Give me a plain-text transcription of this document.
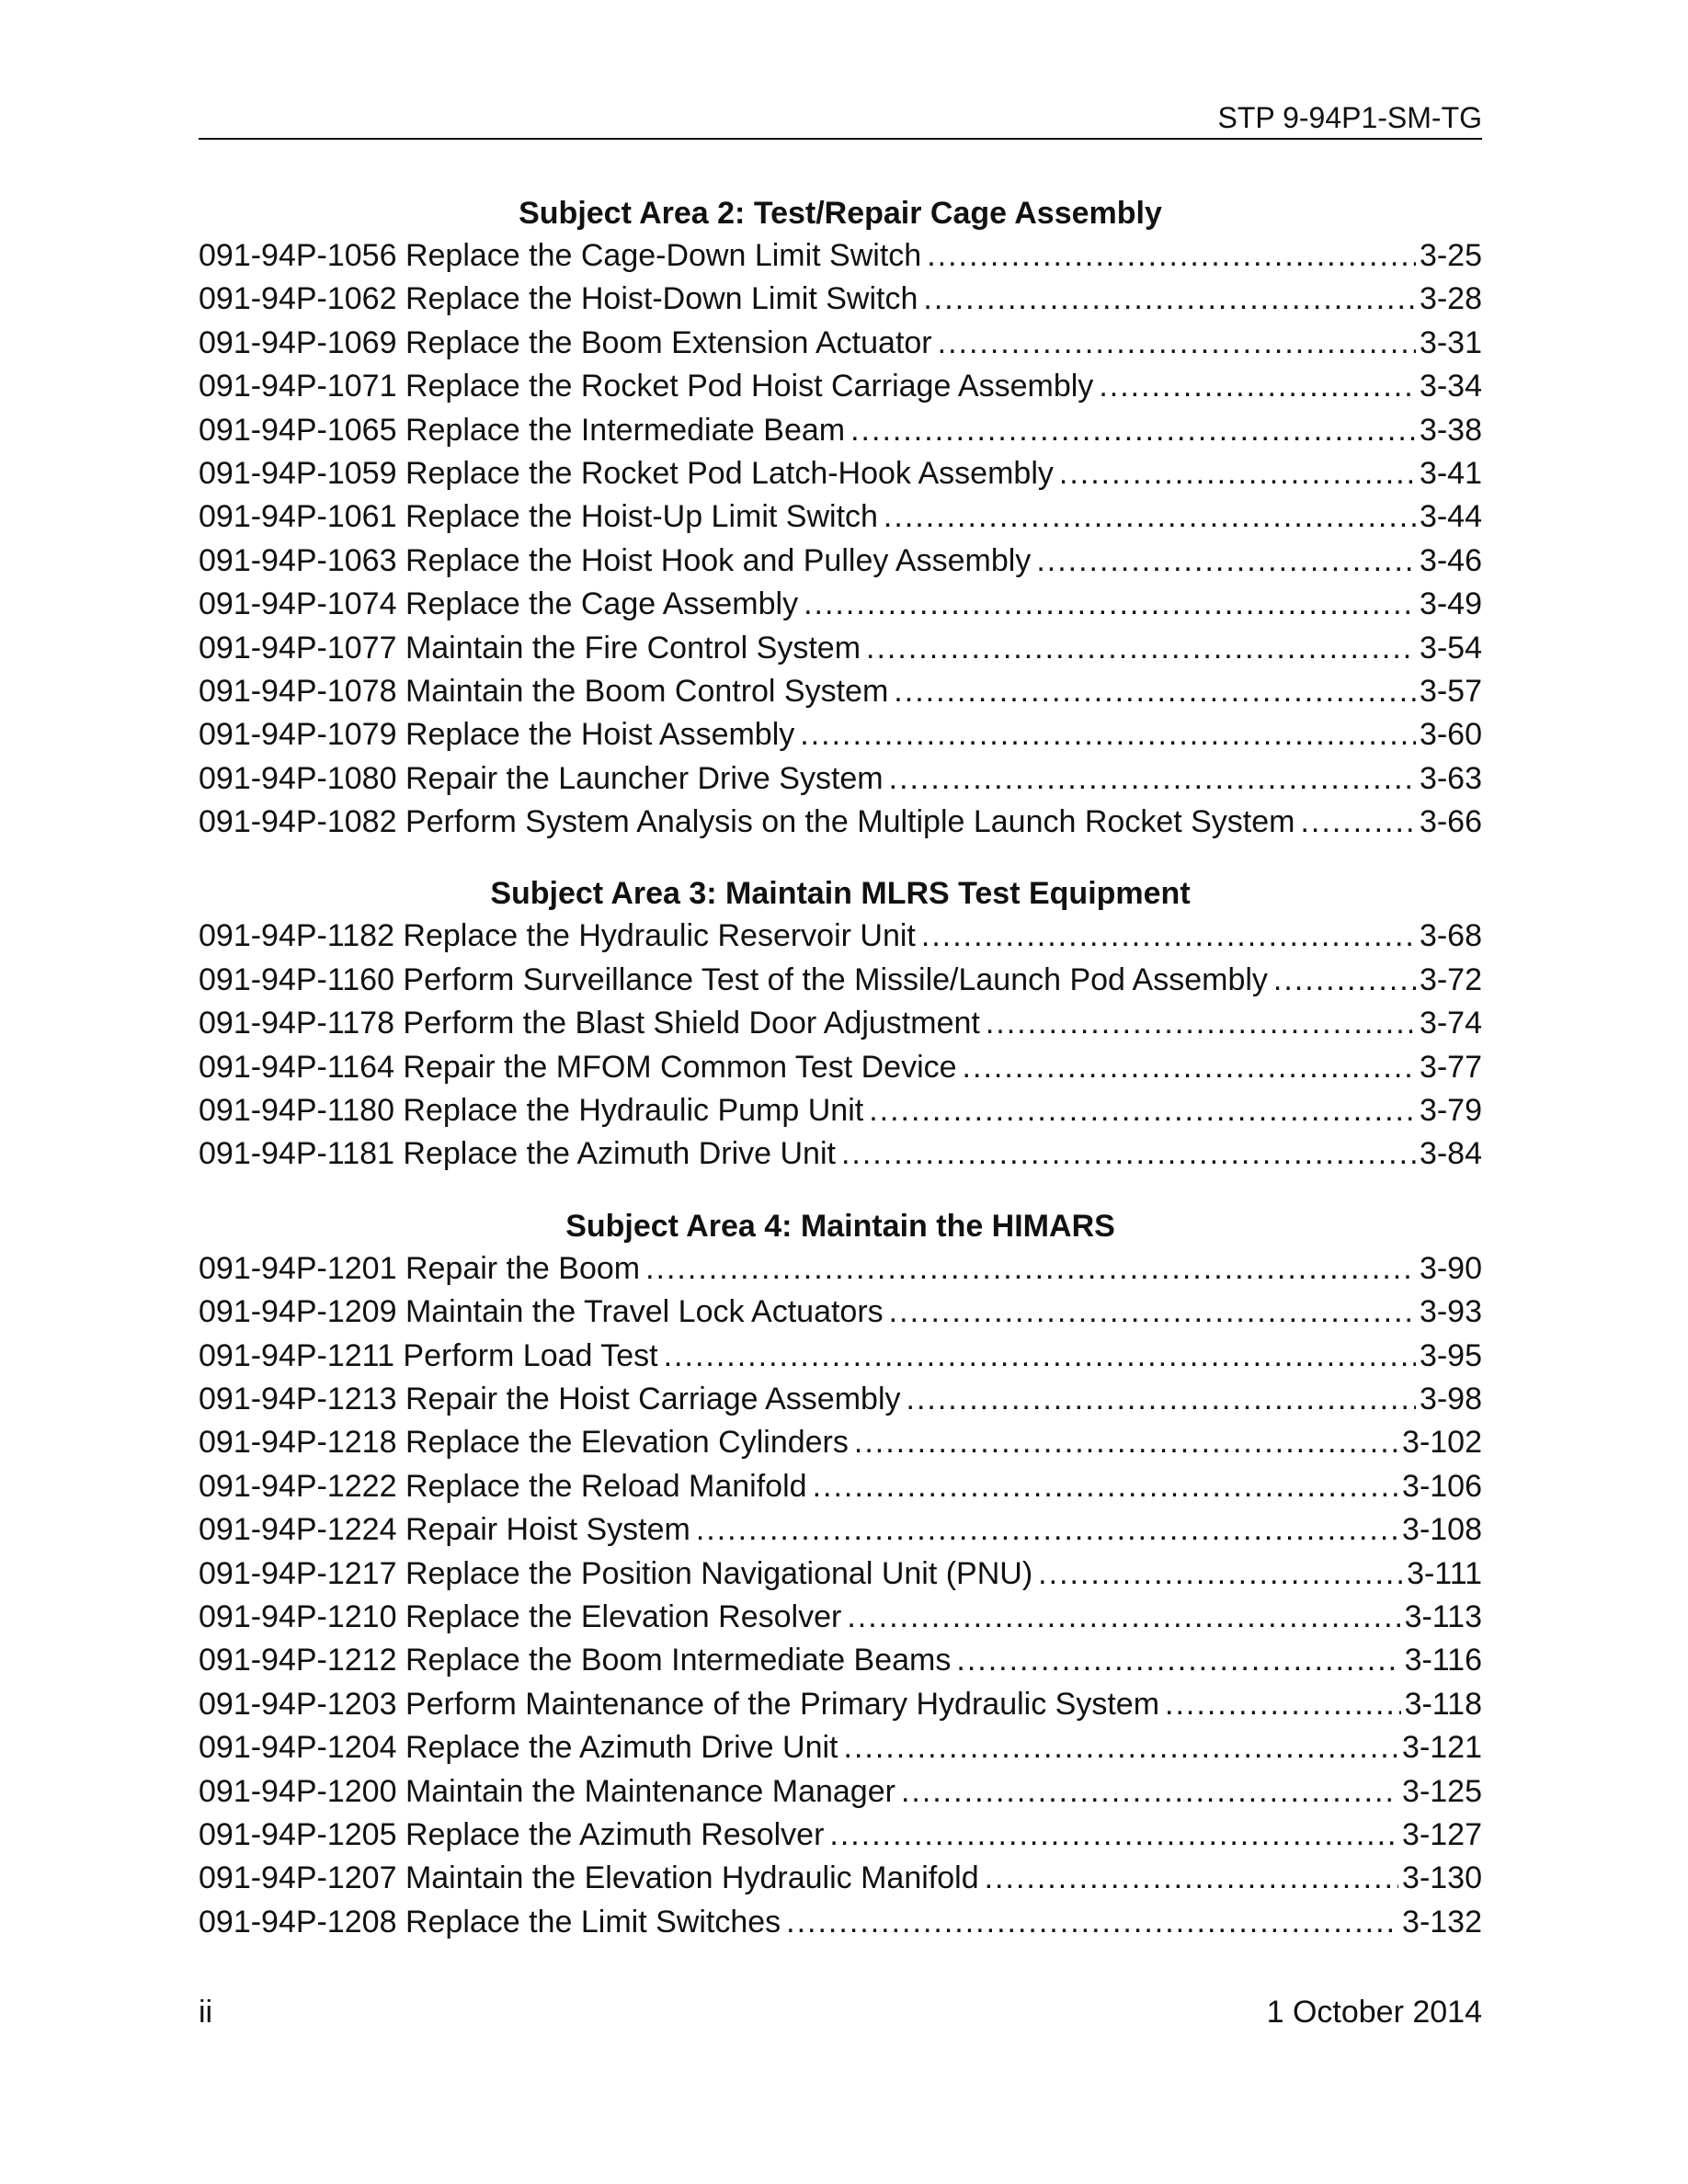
STP 9-94P1-SM-TG
Subject Area 2: Test/Repair Cage Assembly
091-94P-1056 Replace the Cage-Down Limit Switch .....	3-25
091-94P-1062 Replace the Hoist-Down Limit Switch .....	3-28
091-94P-1069 Replace the Boom Extension Actuator .....	3-31
091-94P-1071 Replace the Rocket Pod Hoist Carriage Assembly .....	3-34
091-94P-1065 Replace the Intermediate Beam .....	3-38
091-94P-1059 Replace the Rocket Pod Latch-Hook Assembly .....	3-41
091-94P-1061 Replace the Hoist-Up Limit Switch .....	3-44
091-94P-1063 Replace the Hoist Hook and Pulley Assembly .....	3-46
091-94P-1074 Replace the Cage Assembly .....	3-49
091-94P-1077 Maintain the Fire Control System .....	3-54
091-94P-1078 Maintain the Boom Control System .....	3-57
091-94P-1079 Replace the Hoist Assembly .....	3-60
091-94P-1080 Repair the Launcher Drive System .....	3-63
091-94P-1082 Perform System Analysis on the Multiple Launch Rocket System .....	3-66
Subject Area 3: Maintain MLRS Test Equipment
091-94P-1182 Replace the Hydraulic Reservoir Unit .....	3-68
091-94P-1160 Perform Surveillance Test of the Missile/Launch Pod Assembly .....	3-72
091-94P-1178 Perform the Blast Shield Door Adjustment .....	3-74
091-94P-1164 Repair the MFOM Common Test Device .....	3-77
091-94P-1180 Replace the Hydraulic Pump Unit .....	3-79
091-94P-1181 Replace the Azimuth Drive Unit .....	3-84
Subject Area 4: Maintain the HIMARS
091-94P-1201 Repair the Boom .....	3-90
091-94P-1209 Maintain the Travel Lock Actuators .....	3-93
091-94P-1211 Perform Load Test .....	3-95
091-94P-1213 Repair the Hoist Carriage Assembly .....	3-98
091-94P-1218 Replace the Elevation Cylinders .....	3-102
091-94P-1222 Replace the Reload Manifold .....	3-106
091-94P-1224 Repair Hoist System .....	3-108
091-94P-1217 Replace the Position Navigational Unit (PNU) .....	3-111
091-94P-1210 Replace the Elevation Resolver .....	3-113
091-94P-1212 Replace the Boom Intermediate Beams .....	3-116
091-94P-1203 Perform Maintenance of the Primary Hydraulic System .....	3-118
091-94P-1204 Replace the Azimuth Drive Unit .....	3-121
091-94P-1200 Maintain the Maintenance Manager .....	3-125
091-94P-1205 Replace the Azimuth Resolver .....	3-127
091-94P-1207 Maintain the Elevation Hydraulic Manifold .....	3-130
091-94P-1208 Replace the Limit Switches .....	3-132
ii	1 October 2014
